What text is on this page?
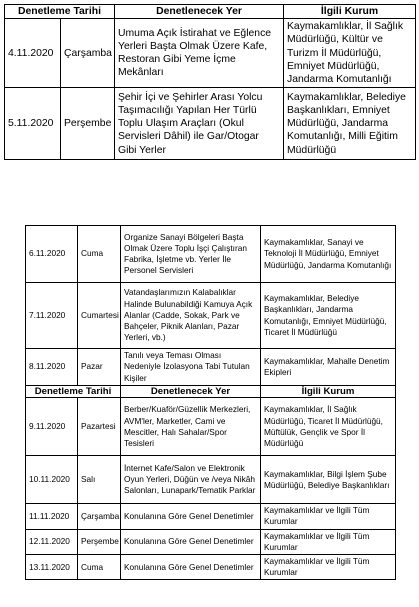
Denetleme Tarihi		Denetlenecek Yer	İlgili Kurum
4.11.2020	Çarşamba	Umuma Açık İstirahat ve Eğlence Yerleri Başta Olmak Üzere Kafe, Restoran Gibi Yeme İçme Mekânları	Kaymakamlıklar, İl Sağlık Müdürlüğü, Kültür ve Turizm İl Müdürlüğü, Emniyet Müdürlüğü, Jandarma Komutanlığı
5.11.2020	Perşembe	Şehir İçi ve Şehirler Arası Yolcu Taşımacılığı Yapılan Her Türlü Toplu Ulaşım Araçları (Okul Servisleri Dâhil) ile Gar/Otogar Gibi Yerler	Kaymakamlıklar, Belediye Başkanlıkları, Emniyet Müdürlüğü, Jandarma Komutanlığı, Milli Eğitim Müdürlüğü
6.11.2020	Cuma	Organize Sanayi Bölgeleri Başta Olmak Üzere Toplu İşçi Çalıştıran Fabrika, İşletme vb. Yerler İle Personel Servisleri	Kaymakamlıklar, Sanayi ve Teknoloji İl Müdürlüğü, Emniyet Müdürlüğü, Jandarma Komutanlığı
7.11.2020	Cumartesi	Vatandaşlarımızın Kalabalıklar Halinde Bulunabildiği Kamuya Açık Alanlar (Cadde, Sokak, Park ve Bahçeler, Piknik Alanları, Pazar Yerleri, vb.)	Kaymakamlıklar, Belediye Başkanlıkları, Jandarma Komutanlığı, Emniyet Müdürlüğü, Ticaret İl Müdürlüğü
8.11.2020	Pazar	Tanılı veya Teması Olması Nedeniyle İzolasyona Tabi Tutulan Kişiler	Kaymakamlıklar, Mahalle Denetim Ekipleri
Denetleme Tarihi		Denetlenecek Yer	İlgili Kurum
9.11.2020	Pazartesi	Berber/Kuaför/Güzellik Merkezleri, AVM'ler, Marketler, Cami ve Mescitler, Halı Sahalar/Spor Tesisleri	Kaymakamlıklar, İl Sağlık Müdürlüğü, Ticaret İl Müdürlüğü, Müftülük, Gençlik ve Spor İl Müdürlüğü
10.11.2020	Salı	İnternet Kafe/Salon ve Elektronik Oyun Yerleri, Düğün ve /veya Nikâh Salonları, Lunapark/Tematik Parklar	Kaymakamlıklar, Bilgi İşlem Şube Müdürlüğü, Belediye Başkanlıkları
11.11.2020	Çarşamba	Konulanına Göre Genel Denetimler	Kaymakamlıklar ve İlgili Tüm Kurumlar
12.11.2020	Perşembe	Konulanına Göre Genel Denetimler	Kaymakamlıklar ve İlgili Tüm Kurumlar
13.11.2020	Cuma	Konulanına Göre Genel Denetimler	Kaymakamlıklar ve İlgili Tüm Kurumlar
